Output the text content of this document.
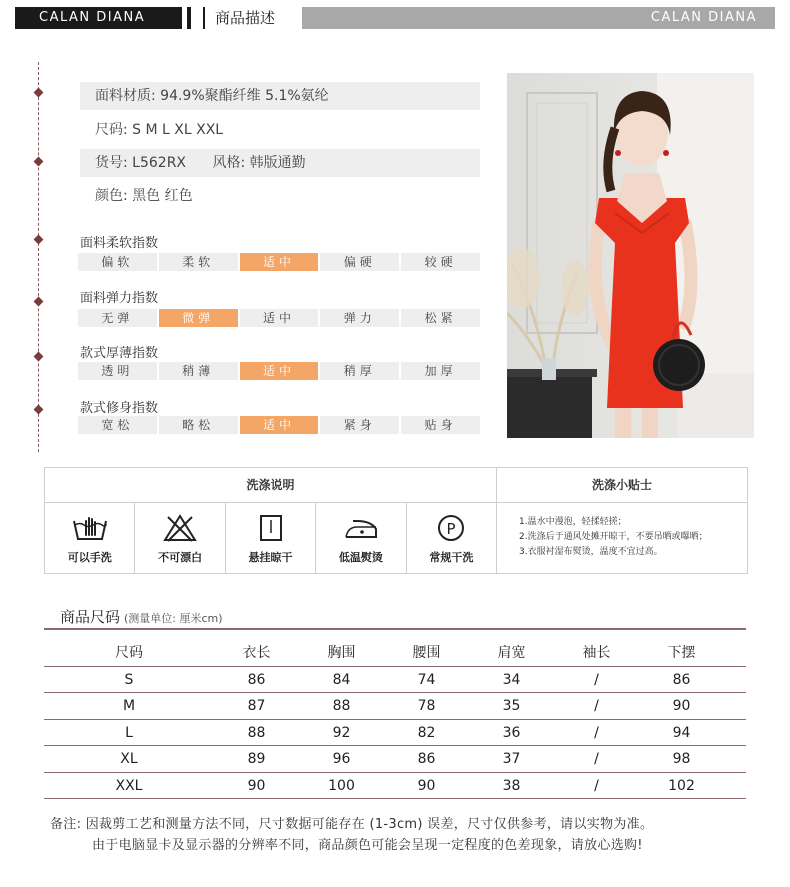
CALAN DIANA	商品描述	CALAN DIANA
面料材质: 94.9%聚酯纤维 5.1%氨纶
尺码: S M L XL XXL
货号: L562RX 风格: 韩版通勤
颜色: 黑色 红色
面料柔软指数
偏软	柔软	适中	偏硬	较硬
面料弹力指数
无弹	微弹	适中	弹力	松紧
款式厚薄指数
透明	稍薄	适中	稍厚	加厚
款式修身指数
宽松	略松	适中	紧身	贴身
洗涤说明	洗涤小贴士
可以手洗	不可漂白	悬挂晾干	低温熨烫
P
常规干洗
1.温水中漫泡，轻揉轻搓；
2.洗涤后于通风处摊开晾干，不要吊晒或曝晒；
3.衣服衬湿布熨烫，温度不宜过高。
商品尺码 (测量单位: 厘米cm)
尺码	衣长	胸围	腰围	肩宽	袖长	下摆
S	86	84	74	34	/	86
M	87	88	78	35	/	90
L	88	92	82	36	/	94
XL	89	96	86	37	/	98
XXL	90	100	90	38	/	102
备注: 因裁剪工艺和测量方法不同，尺寸数据可能存在 (1-3cm) 误差，尺寸仅供参考，请以实物为准。
由于电脑显卡及显示器的分辨率不同，商品颜色可能会呈现一定程度的色差现象，请放心选购!
